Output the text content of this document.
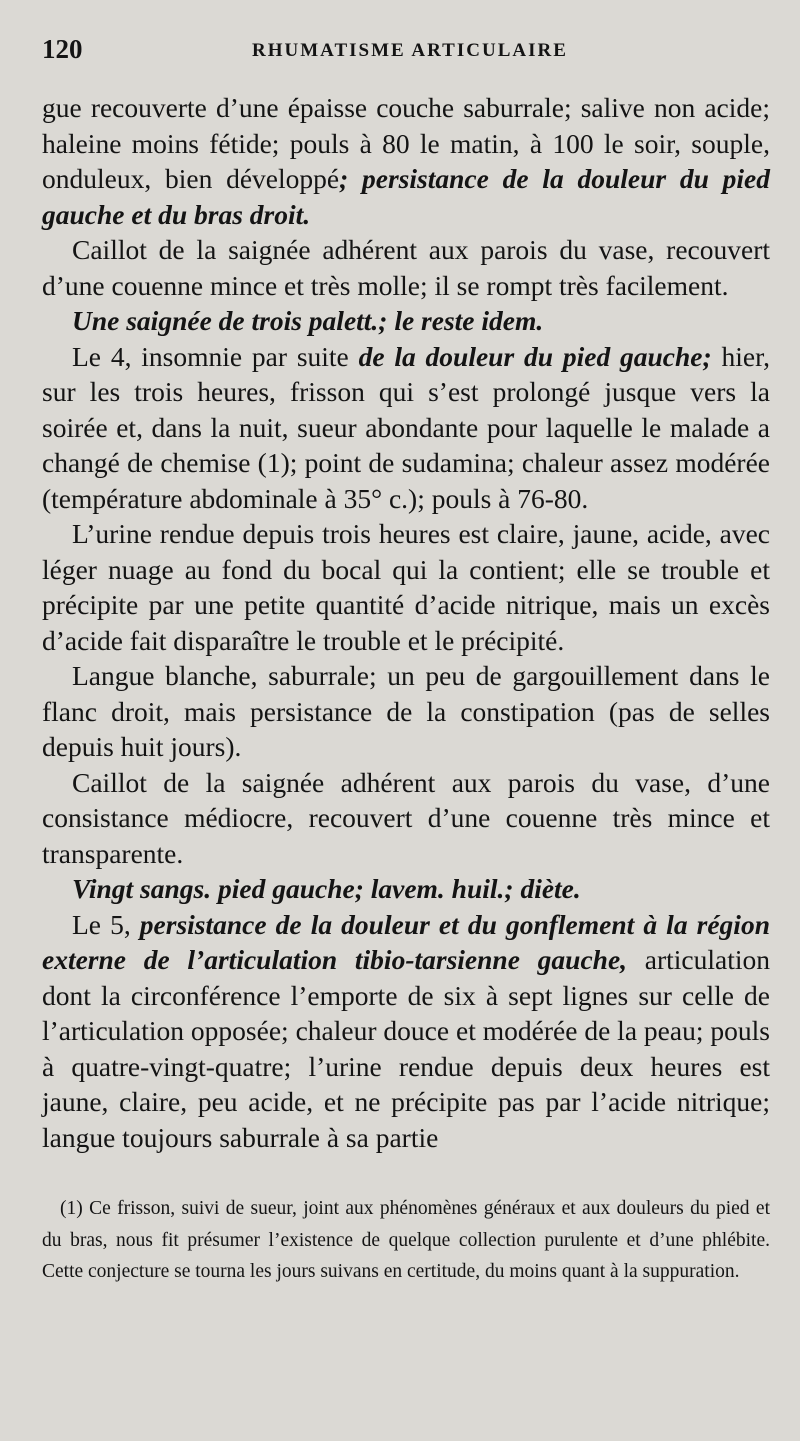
120	RHUMATISME ARTICULAIRE

gue recouverte d’une épaisse couche saburrale; salive non acide; haleine moins fétide; pouls à 80 le matin, à 100 le soir, souple, onduleux, bien développé; persistance de la douleur du pied gauche et du bras droit.

Caillot de la saignée adhérent aux parois du vase, recouvert d’une couenne mince et très molle; il se rompt très facilement.

Une saignée de trois palett.; le reste idem.

Le 4, insomnie par suite de la douleur du pied gauche; hier, sur les trois heures, frisson qui s’est prolongé jusque vers la soirée et, dans la nuit, sueur abondante pour laquelle le malade a changé de chemise (1); point de sudamina; chaleur assez modérée (température abdominale à 35° c.); pouls à 76-80.

L’urine rendue depuis trois heures est claire, jaune, acide, avec léger nuage au fond du bocal qui la contient; elle se trouble et précipite par une petite quantité d’acide nitrique, mais un excès d’acide fait disparaître le trouble et le précipité.

Langue blanche, saburrale; un peu de gargouillement dans le flanc droit, mais persistance de la constipation (pas de selles depuis huit jours).

Caillot de la saignée adhérent aux parois du vase, d’une consistance médiocre, recouvert d’une couenne très mince et transparente.

Vingt sangs. pied gauche; lavem. huil.; diète.

Le 5, persistance de la douleur et du gonflement à la région externe de l’articulation tibio-tarsienne gauche, articulation dont la circonférence l’emporte de six à sept lignes sur celle de l’articulation opposée; chaleur douce et modérée de la peau; pouls à quatre-vingt-quatre; l’urine rendue depuis deux heures est jaune, claire, peu acide, et ne précipite pas par l’acide nitrique; langue toujours saburrale à sa partie

(1) Ce frisson, suivi de sueur, joint aux phénomènes généraux et aux douleurs du pied et du bras, nous fit présumer l’existence de quelque collection purulente et d’une phlébite. Cette conjecture se tourna les jours suivans en certitude, du moins quant à la suppuration.
